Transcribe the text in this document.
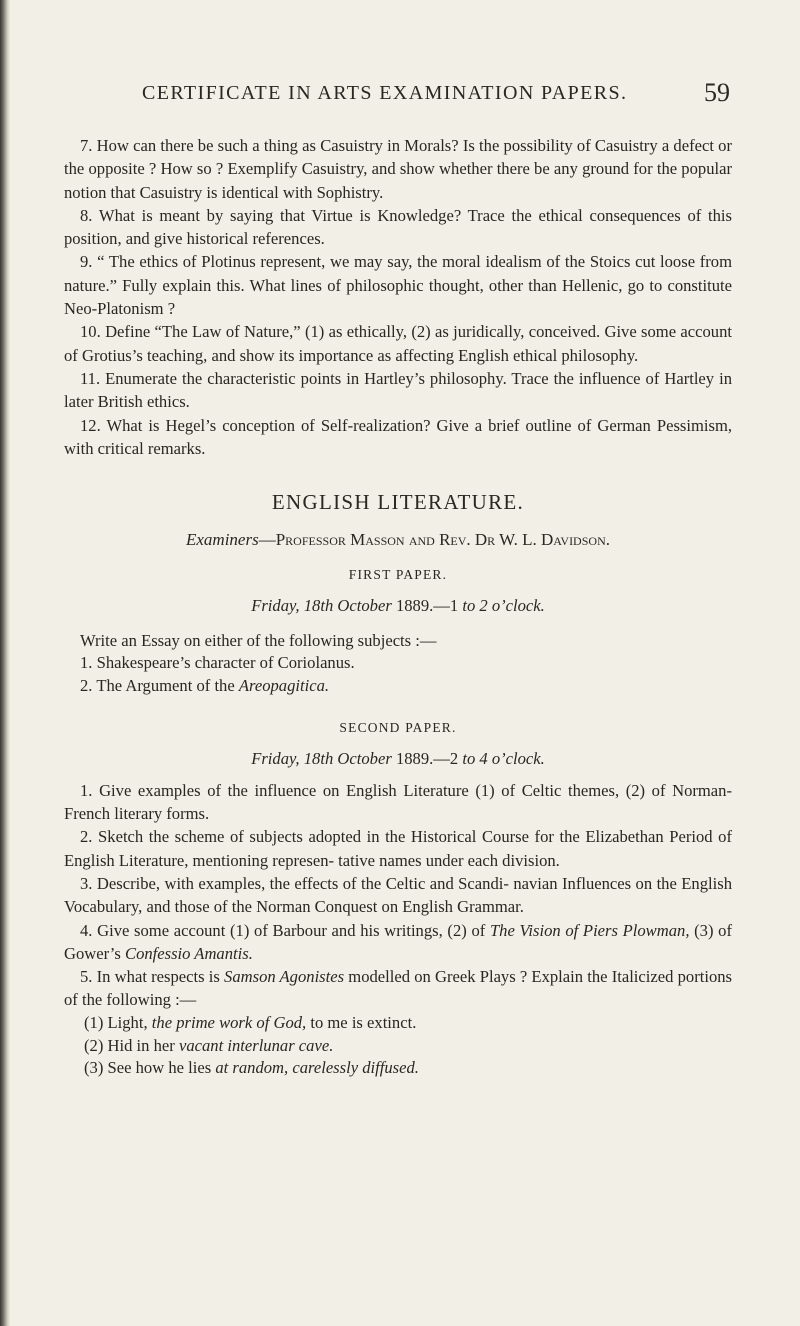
CERTIFICATE IN ARTS EXAMINATION PAPERS.	59

7. How can there be such a thing as Casuistry in Morals? Is the possibility of Casuistry a defect or the opposite ? How so ? Exemplify Casuistry, and show whether there be any ground for the popular notion that Casuistry is identical with Sophistry.

8. What is meant by saying that Virtue is Knowledge? Trace the ethical consequences of this position, and give historical references.

9. “ The ethics of Plotinus represent, we may say, the moral idealism of the Stoics cut loose from nature.” Fully explain this. What lines of philosophic thought, other than Hellenic, go to constitute Neo-Platonism ?

10. Define “The Law of Nature,” (1) as ethically, (2) as juridically, conceived. Give some account of Grotius’s teaching, and show its importance as affecting English ethical philosophy.

11. Enumerate the characteristic points in Hartley’s philosophy. Trace the influence of Hartley in later British ethics.

12. What is Hegel’s conception of Self-realization? Give a brief outline of German Pessimism, with critical remarks.

ENGLISH LITERATURE.
Examiners—Professor Masson and Rev. Dr W. L. Davidson.
FIRST PAPER.
Friday, 18th October 1889.—1 to 2 o’clock.
Write an Essay on either of the following subjects :—
1. Shakespeare’s character of Coriolanus.
2. The Argument of the Areopagitica.
SECOND PAPER.
Friday, 18th October 1889.—2 to 4 o’clock.

1. Give examples of the influence on English Literature (1) of Celtic themes, (2) of Norman-French literary forms.

2. Sketch the scheme of subjects adopted in the Historical Course for the Elizabethan Period of English Literature, mentioning represen- tative names under each division.

3. Describe, with examples, the effects of the Celtic and Scandi- navian Influences on the English Vocabulary, and those of the Norman Conquest on English Grammar.

4. Give some account (1) of Barbour and his writings, (2) of The Vision of Piers Plowman, (3) of Gower’s Confessio Amantis.

5. In what respects is Samson Agonistes modelled on Greek Plays ? Explain the Italicized portions of the following :—

(1) Light, the prime work of God, to me is extinct.
(2) Hid in her vacant interlunar cave.
(3) See how he lies at random, carelessly diffused.
